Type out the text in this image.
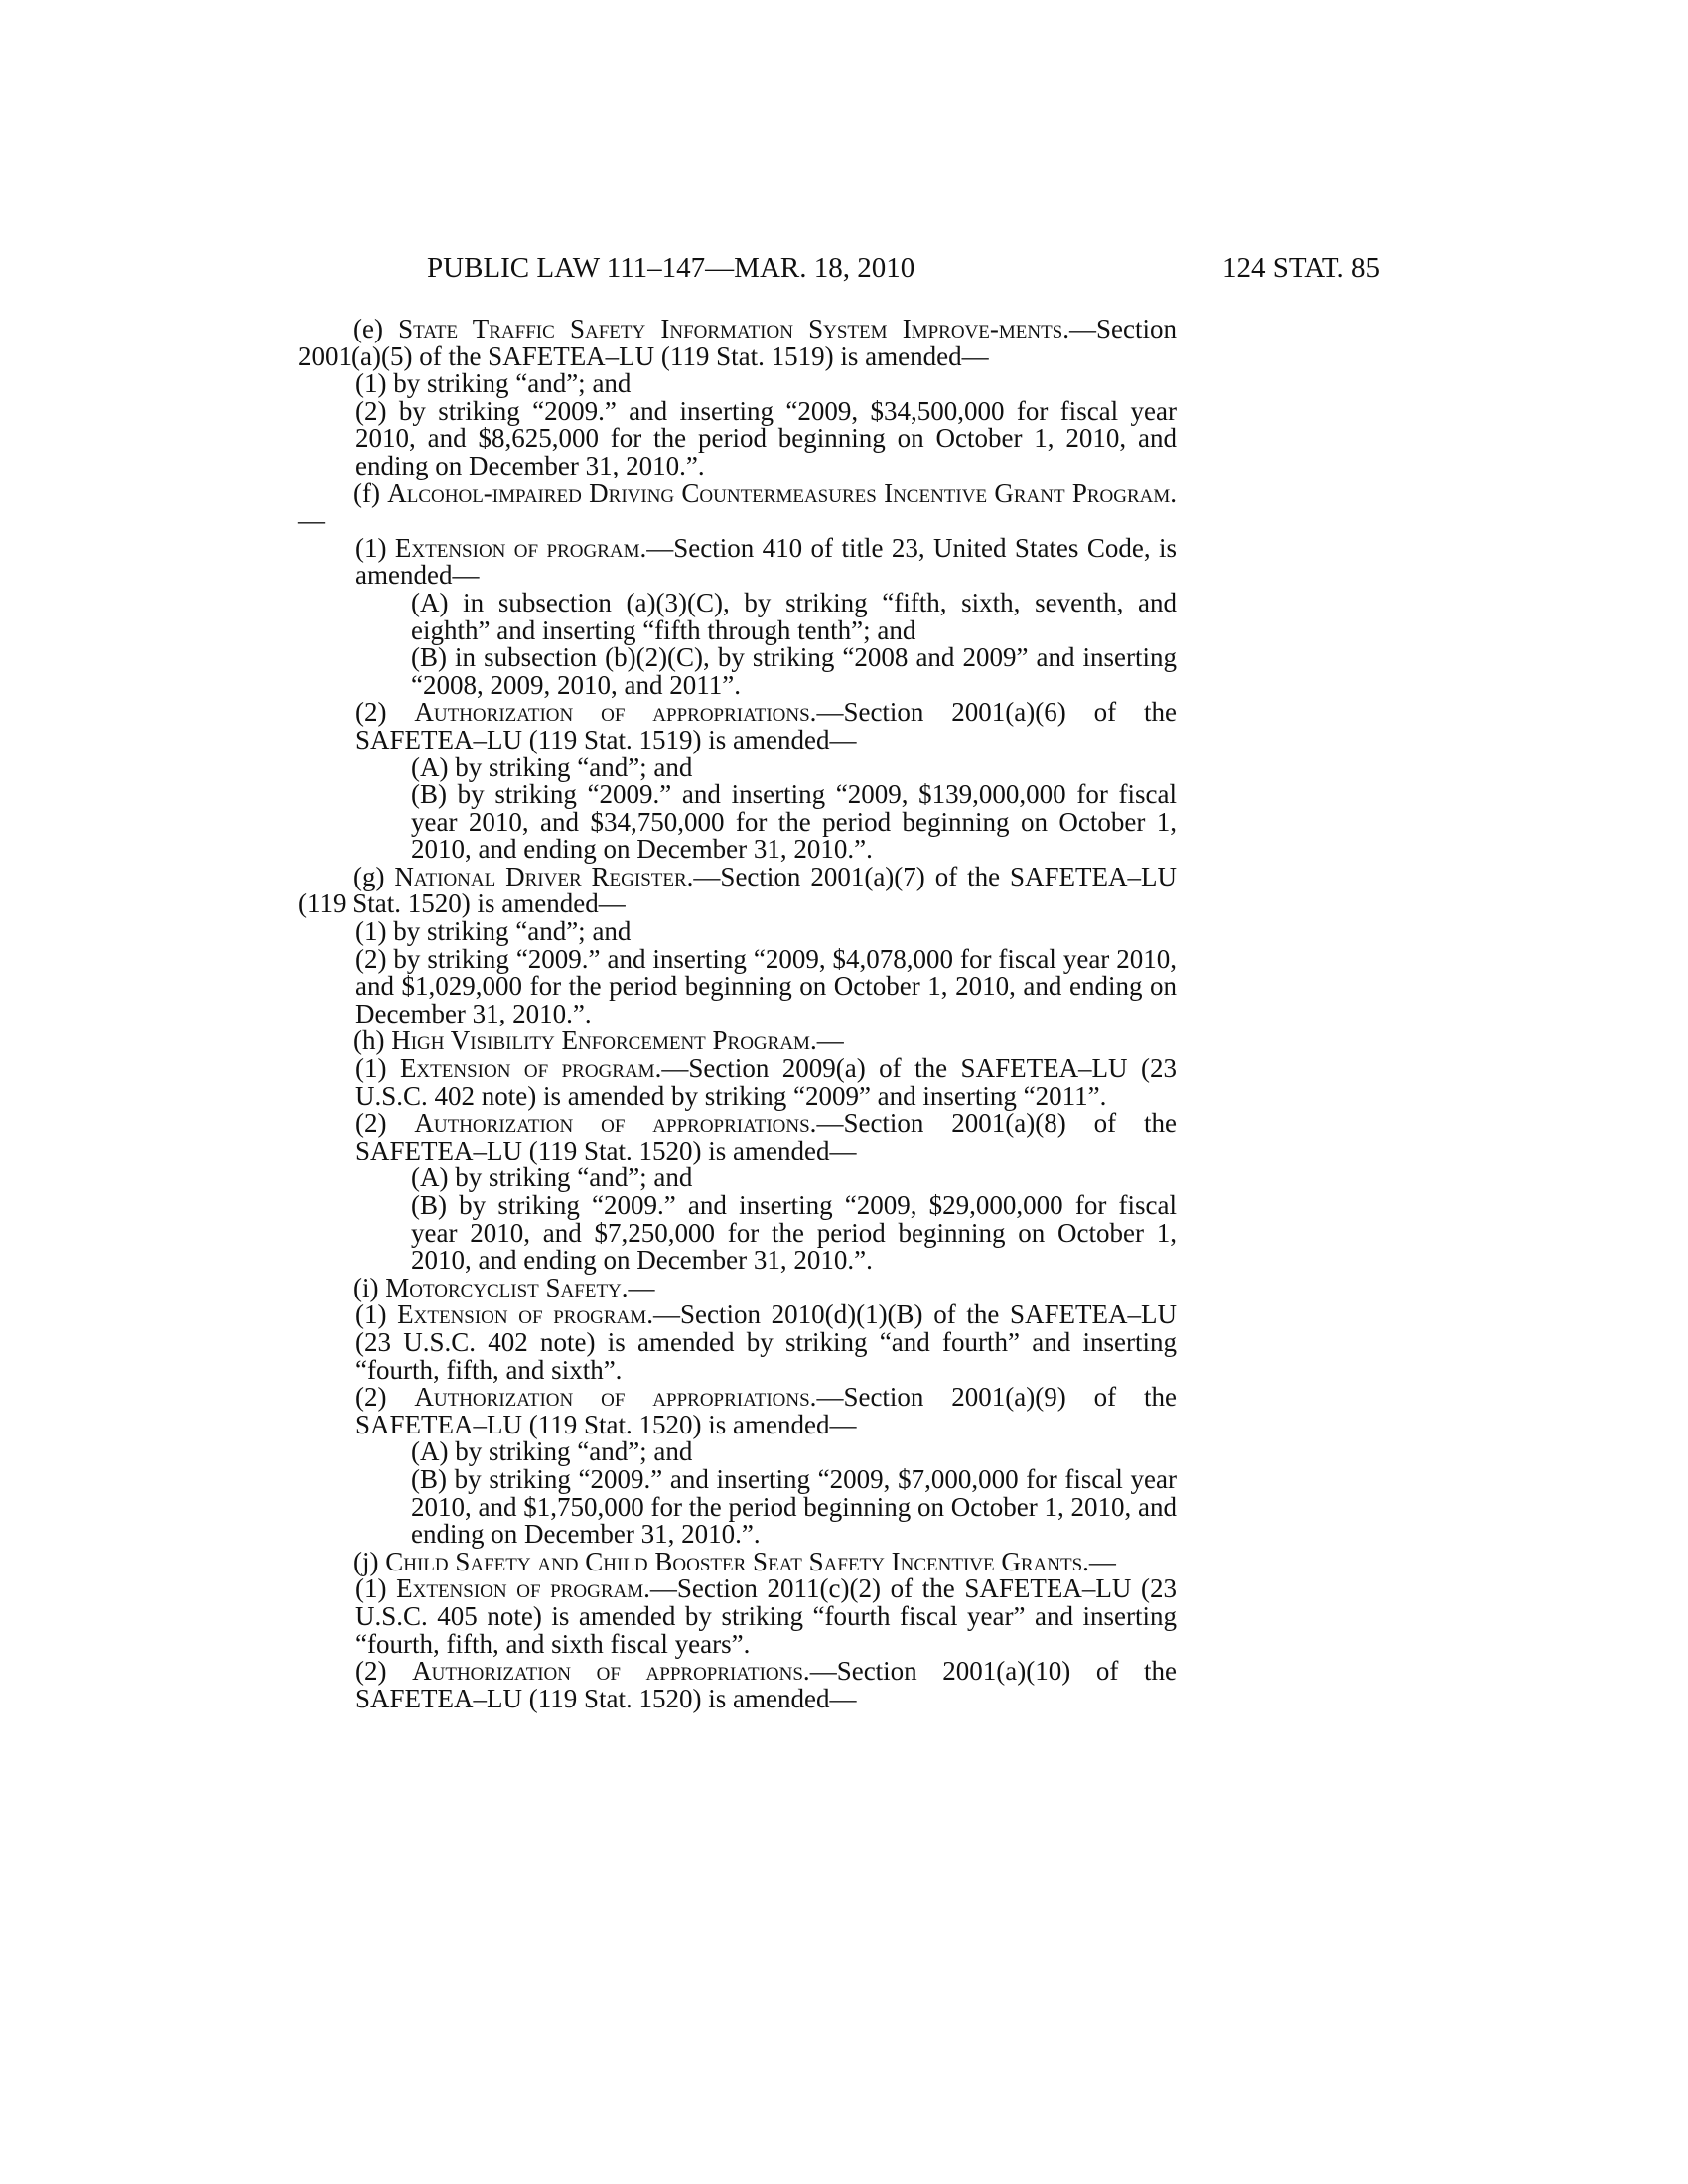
PUBLIC LAW 111–147—MAR. 18, 2010	124 STAT. 85

(e) State Traffic Safety Information System Improve-ments.—Section 2001(a)(5) of the SAFETEA–LU (119 Stat. 1519) is amended—

(1) by striking “and”; and

(2) by striking “2009.” and inserting “2009, $34,500,000 for fiscal year 2010, and $8,625,000 for the period beginning on October 1, 2010, and ending on December 31, 2010.”.

(f) Alcohol-impaired Driving Countermeasures Incentive Grant Program.—

(1) Extension of program.—Section 410 of title 23, United States Code, is amended—

(A) in subsection (a)(3)(C), by striking “fifth, sixth, seventh, and eighth” and inserting “fifth through tenth”; and

(B) in subsection (b)(2)(C), by striking “2008 and 2009” and inserting “2008, 2009, 2010, and 2011”.

(2) Authorization of appropriations.—Section 2001(a)(6) of the SAFETEA–LU (119 Stat. 1519) is amended—

(A) by striking “and”; and

(B) by striking “2009.” and inserting “2009, $139,000,000 for fiscal year 2010, and $34,750,000 for the period beginning on October 1, 2010, and ending on December 31, 2010.”.

(g) National Driver Register.—Section 2001(a)(7) of the SAFETEA–LU (119 Stat. 1520) is amended—

(1) by striking “and”; and

(2) by striking “2009.” and inserting “2009, $4,078,000 for fiscal year 2010, and $1,029,000 for the period beginning on October 1, 2010, and ending on December 31, 2010.”.

(h) High Visibility Enforcement Program.—

(1) Extension of program.—Section 2009(a) of the SAFETEA–LU (23 U.S.C. 402 note) is amended by striking “2009” and inserting “2011”.

(2) Authorization of appropriations.—Section 2001(a)(8) of the SAFETEA–LU (119 Stat. 1520) is amended—

(A) by striking “and”; and

(B) by striking “2009.” and inserting “2009, $29,000,000 for fiscal year 2010, and $7,250,000 for the period beginning on October 1, 2010, and ending on December 31, 2010.”.

(i) Motorcyclist Safety.—

(1) Extension of program.—Section 2010(d)(1)(B) of the SAFETEA–LU (23 U.S.C. 402 note) is amended by striking “and fourth” and inserting “fourth, fifth, and sixth”.

(2) Authorization of appropriations.—Section 2001(a)(9) of the SAFETEA–LU (119 Stat. 1520) is amended—

(A) by striking “and”; and

(B) by striking “2009.” and inserting “2009, $7,000,000 for fiscal year 2010, and $1,750,000 for the period beginning on October 1, 2010, and ending on December 31, 2010.”.

(j) Child Safety and Child Booster Seat Safety Incentive Grants.—

(1) Extension of program.—Section 2011(c)(2) of the SAFETEA–LU (23 U.S.C. 405 note) is amended by striking “fourth fiscal year” and inserting “fourth, fifth, and sixth fiscal years”.

(2) Authorization of appropriations.—Section 2001(a)(10) of the SAFETEA–LU (119 Stat. 1520) is amended—
